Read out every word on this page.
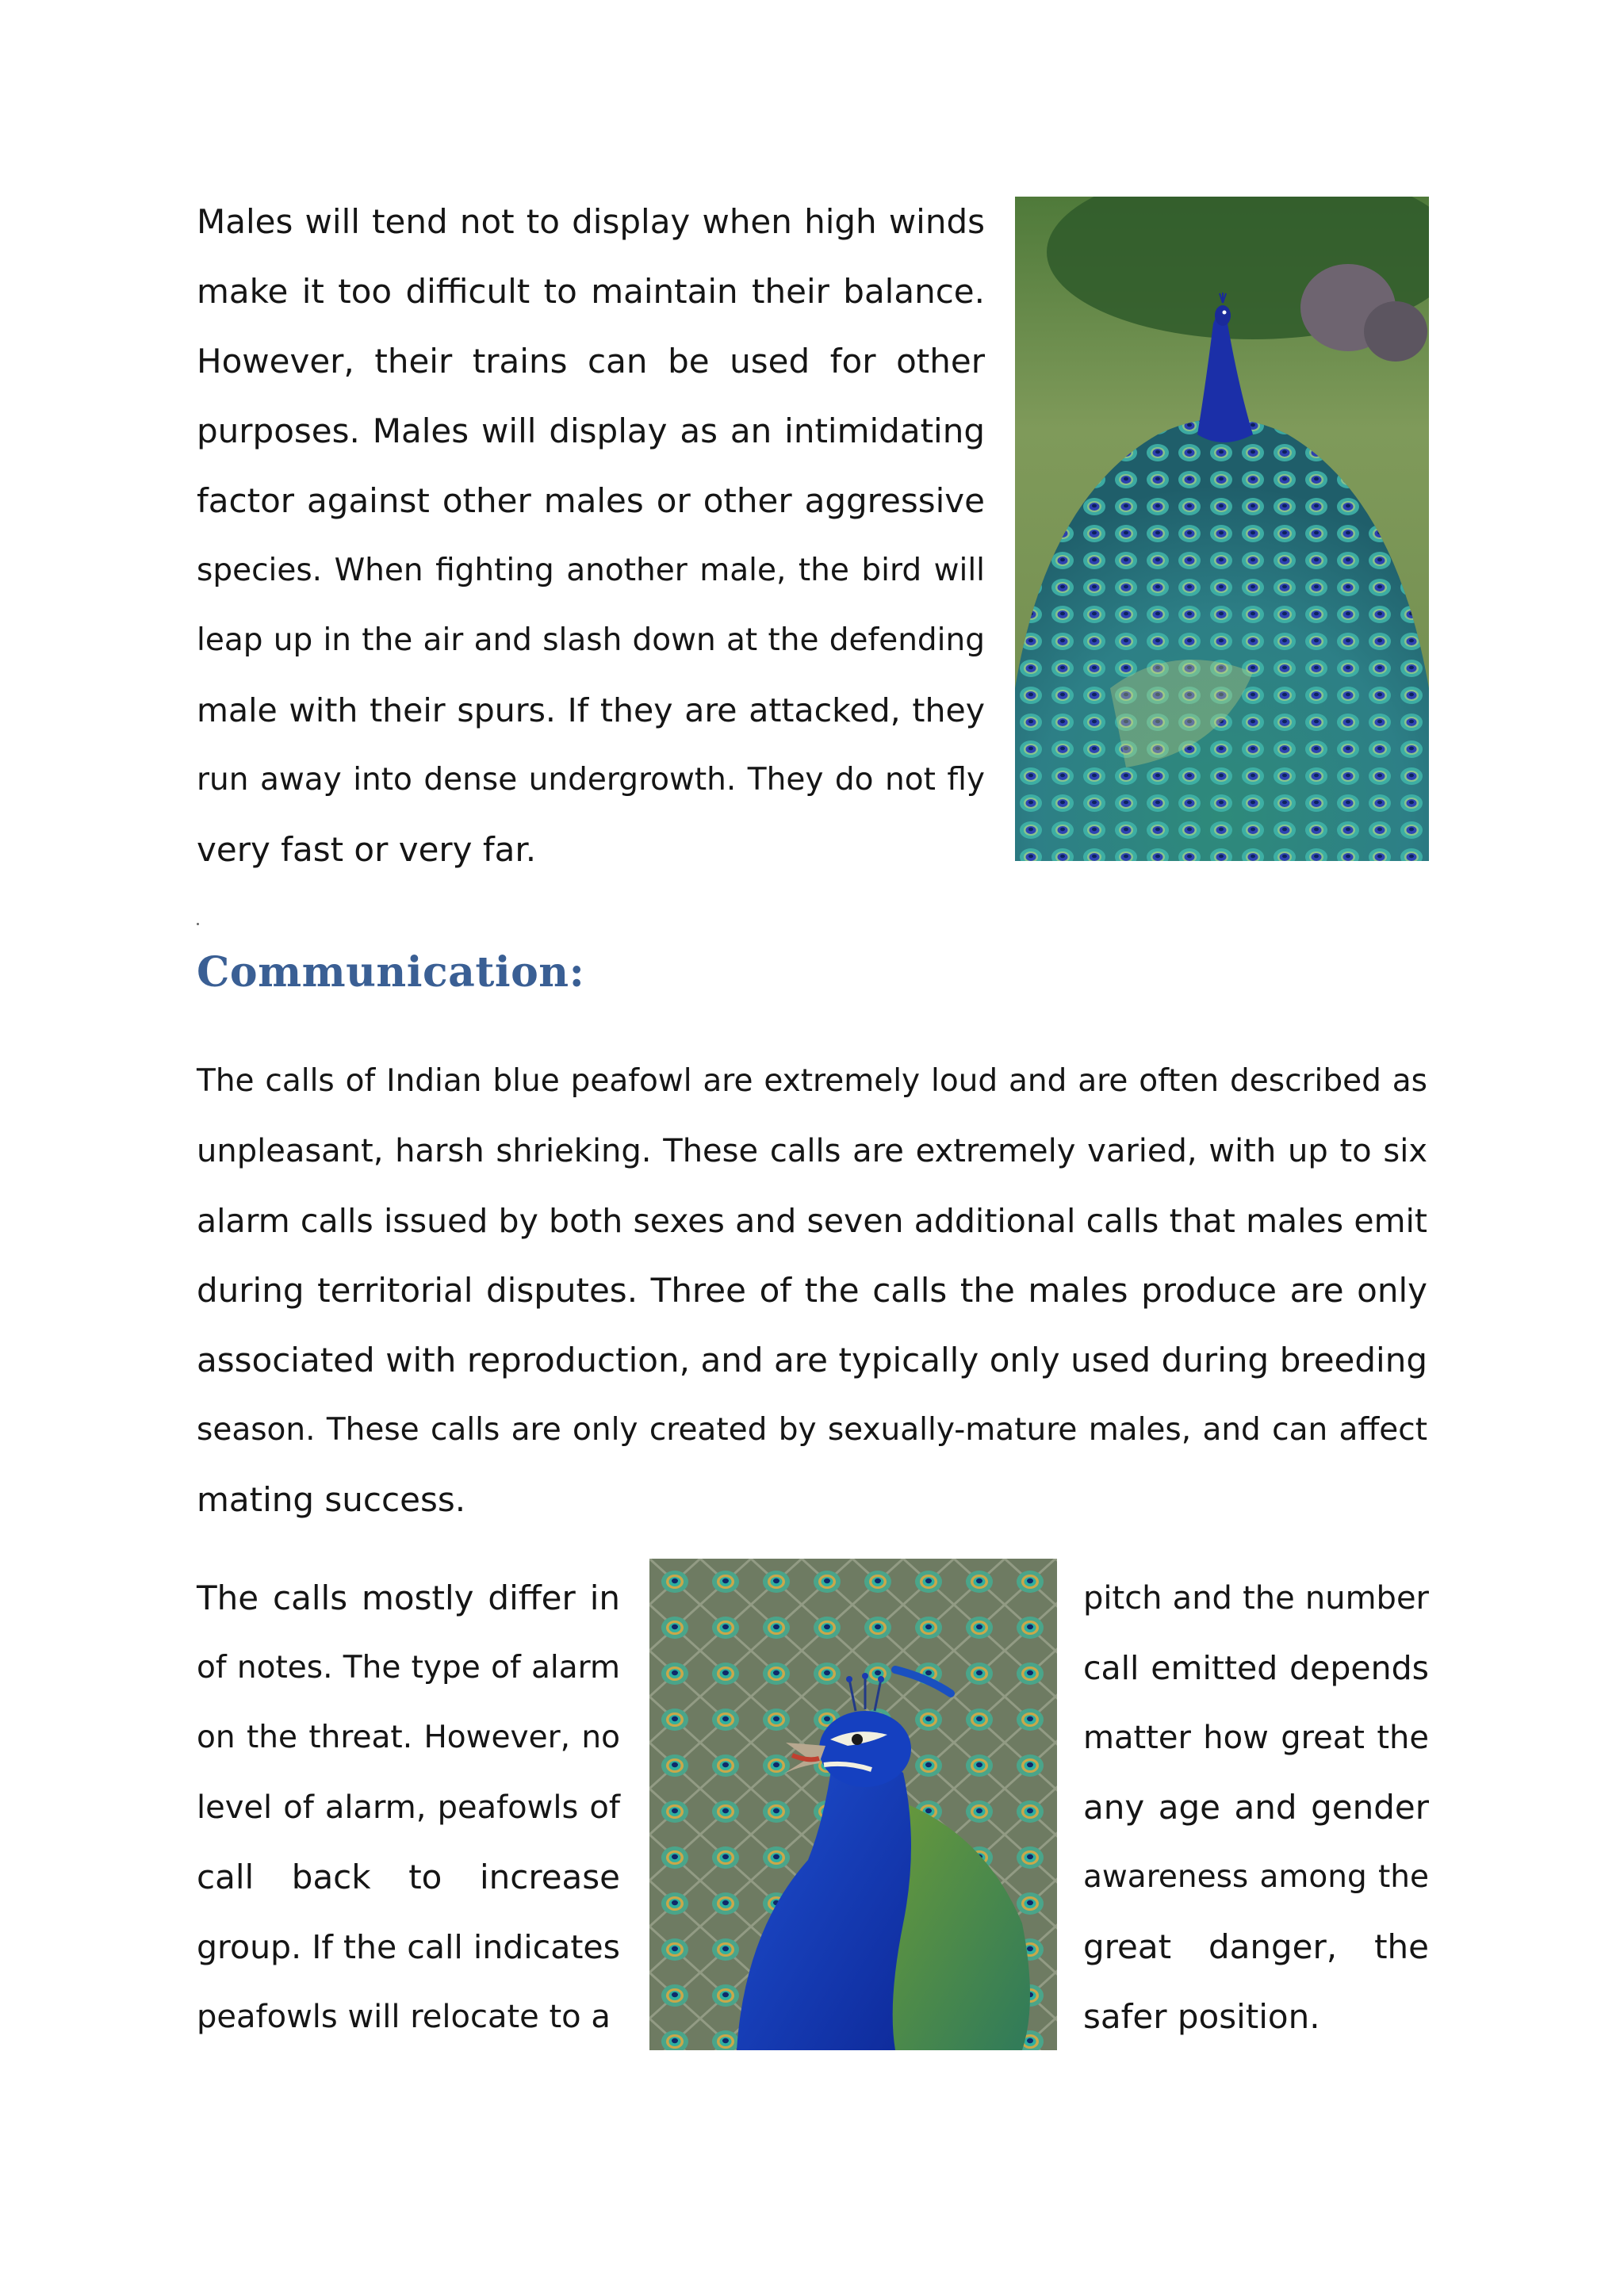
Males will tend not to display when high winds
make it too difficult to maintain their balance.
However, their trains can be used for other
purposes. Males will display as an intimidating
factor against other males or other aggressive
species. When fighting another male, the bird will
leap up in the air and slash down at the defending
male with their spurs. If they are attacked, they
run away into dense undergrowth. They do not fly
very fast or very far.
Communication:
The calls of Indian blue peafowl are extremely loud and are often described as
unpleasant, harsh shrieking. These calls are extremely varied, with up to six
alarm calls issued by both sexes and seven additional calls that males emit
during territorial disputes. Three of the calls the males produce are only
associated with reproduction, and are typically only used during breeding
season. These calls are only created by sexually-mature males, and can affect
mating success.
The calls mostly differ in
of notes. The type of alarm
on the threat. However, no
level of alarm, peafowls of
call back to increase
group. If the call indicates
peafowls will relocate to a
pitch and the number
call emitted depends
matter how great the
any age and gender
awareness among the
great danger, the
safer position.
